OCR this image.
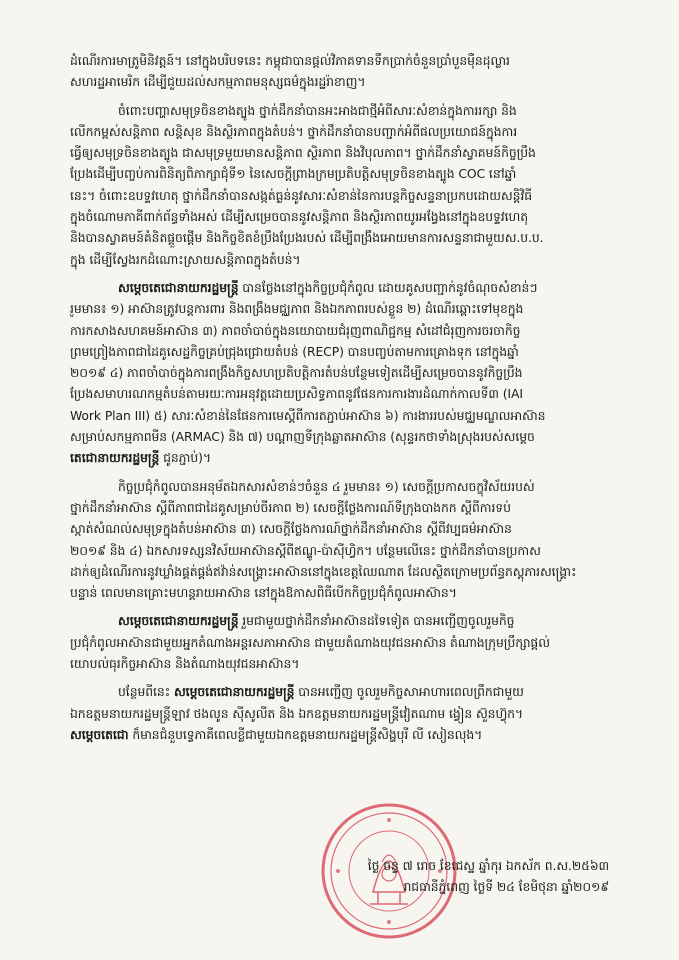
ដំណើរការមាត្រូមិនិវត្តន៍។ នៅក្នុងបរិបទនេះ កម្ពុជាបានផ្តល់វិភាគទានទឹកប្រាក់ចំនួនប្រាំបួនម៉ឺនដុល្លារ
សហរដ្ឋអាមេរិក ដើម្បីជួយដល់សកម្មភាពមនុស្សធម៌ក្នុងរដ្ឋរ៉ាខាញ។
ចំពោះបញ្ហាសមុទ្រចិនខាងត្បូង ថ្នាក់ដឹកនាំបានអះអាងជាថ្មីអំពីសារៈសំខាន់ក្នុងការរក្សា និង
លើកកម្ពស់សន្តិភាព សន្តិសុខ និងស្ថិរភាពក្នុងតំបន់។ ថ្នាក់ដឹកនាំបានបញ្ជាក់អំពីផលប្រយោជន៍ក្នុងការ
ធ្វើឲ្យសមុទ្រចិនខាងត្បូង ជាសមុទ្រមួយមានសន្តិភាព ស្ថិរភាព និងវិបុលភាព។ ថ្នាក់ដឹកនាំស្វាគមន៍កិច្ចប្រឹង
ប្រែងដើម្បីបញ្ចប់ការពិនិត្យពិភាក្សាជុំទី១ នៃសេចក្តីព្រាងក្រមប្រតិបត្តិសមុទ្រចិនខាងត្បូង COC នៅឆ្នាំ
នេះ។ ចំពោះឧបទ្ទវហេតុ ថ្នាក់ដឹកនាំបានសង្កត់ធ្ងន់នូវសារៈសំខាន់នៃការបន្តកិច្ចសន្ទនាប្រកបដោយសន្តិវិធី
ក្នុងចំណោមភាគីពាក់ព័ន្ធទាំងអស់ ដើម្បីសម្រេចបាននូវសន្តិភាព និងស្ថិរភាពយូរអង្វែងនៅក្នុងឧបទ្ទវហេតុ
និងបានស្វាគមន៍គំនិតផ្តួចផ្តើម និងកិច្ចខិតខំប្រឹងប្រែងរបស់ ដើម្បីពង្រឹងអោយមានការសន្ទនាជាមួយស.ប.ប.
ក្នុង ដើម្បីស្វែងរកដំណោះស្រាយសន្តិភាពក្នុងតំបន់។
សម្តេចតេជោនាយករដ្ឋមន្ត្រី បានថ្លែងនៅក្នុងកិច្ចប្រជុំកំពូល ដោយគូសបញ្ជាក់នូវចំណុចសំខាន់ៗ
រួមមាន៖ ១) អាស៊ានត្រូវបន្តការពារ និងពង្រឹងមជ្ឈភាព និងឯកភាពរបស់ខ្លួន ២) ដំណើរឆ្ពោះទៅមុខក្នុង
ការកសាងសហគមន៍អាស៊ាន ៣) ភាពចាំបាច់ក្នុងនយោបាយជំរុញពាណិជ្ជកម្ម សំដៅជំរុញការចរចាកិច្ច
ព្រមព្រៀងភាពជាដៃគូសេដ្ឋកិច្ចគ្រប់ជ្រុងជ្រោយតំបន់ (RECP) បានបញ្ចប់តាមការគ្រោងទុក នៅក្នុងឆ្នាំ
២០១៩ ៤) ភាពចាំបាច់ក្នុងការពង្រឹងកិច្ចសហប្រតិបត្តិការតំបន់បន្ថែមទៀតដើម្បីសម្រេចបាននូវកិច្ចប្រឹង
ប្រែងសមាហរណកម្មតំបន់តាមរយៈការអនុវត្តដោយប្រសិទ្ធភាពនូវផែនការការងារដំណាក់កាលទី៣ (IAI
Work Plan III) ៥) សារៈសំខាន់នៃផែនការមេស្តីពីការតភ្ជាប់អាស៊ាន ៦) ការងាររបស់មជ្ឈមណ្ឌលអាស៊ាន
សម្រាប់សកម្មភាពមីន (ARMAC) និង ៧) បណ្តាញទីក្រុងឆ្លាតអាស៊ាន (សុន្ទរកថាទាំងស្រុងរបស់សម្តេច
តេជោនាយករដ្ឋមន្ត្រី ជូនភ្ជាប់)។
កិច្ចប្រជុំកំពូលបានអនុម័តឯកសារសំខាន់ៗចំនួន ៤ រួមមាន៖ ១) សេចក្តីប្រកាសចក្ខុវិស័យរបស់
ថ្នាក់ដឹកនាំអាស៊ាន ស្តីពីភាពជាដៃគូសម្រាប់ចីរភាព ២) សេចក្តីថ្លែងការណ៍ទីក្រុងបាងកក ស្តីពីការទប់
ស្កាត់សំណល់សមុទ្រក្នុងតំបន់អាស៊ាន ៣) សេចក្តីថ្លែងការណ៍ថ្នាក់ដឹកនាំអាស៊ាន ស្តីពីវប្បធម៌អាស៊ាន
២០១៩ និង ៤) ឯកសារទស្សនវិស័យអាស៊ានស្តីពីឥណ្ឌូ-ប៉ាស៊ីហ្វិក។ បន្ថែមលើនេះ ថ្នាក់ដឹកនាំបានប្រកាស
ដាក់ឲ្យដំណើរការនូវឃ្លាំងផ្គត់ផ្គង់ឥវ៉ាន់សង្គ្រោះអាស៊ាននៅក្នុងខេត្តឈៃណាត ដែលស្ថិតក្រោមប្រព័ន្ធភស្តុភារសង្គ្រោះ
បន្ទាន់ ពេលមានគ្រោះមហន្តរាយអាស៊ាន នៅក្នុងឱកាសពិធីបើកកិច្ចប្រជុំកំពូលអាស៊ាន។
សម្តេចតេជោនាយករដ្ឋមន្ត្រី រួមជាមួយថ្នាក់ដឹកនាំអាស៊ានដទៃទៀត បានអញ្ជើញចូលរួមកិច្ច
ប្រជុំកំពូលអាស៊ានជាមួយអ្នកតំណាងអន្តរសភាអាស៊ាន ជាមួយតំណាងយុវជនអាស៊ាន តំណាងក្រុមប្រឹក្សាផ្តល់
យោបល់ធុរកិច្ចអាស៊ាន និងតំណាងយុវជនអាស៊ាន។
បន្ថែមពីនេះ សម្តេចតេជោនាយករដ្ឋមន្ត្រី បានអញ្ជើញ ចូលរួមកិច្ចសាអាហារពេលព្រឹកជាមួយ
ឯកឧត្តមនាយករដ្ឋមន្ត្រីឡាវ ថងលូន ស៊ីសូលីត និង ឯកឧត្តមនាយករដ្ឋមន្ត្រីវៀតណាម ង្វៀន ស៊ួនហ៊្វុក។
សម្តេចតេជោ ក៏មានជំនួបទ្វេភាគីពេលខ្លីជាមួយឯកឧត្តមនាយករដ្ឋមន្ត្រីសិង្ហបុរី លី សៀនលុង។
ថ្ងៃ ចន្ទ ៧ រោច ខែជេស្ឋ ឆ្នាំកុរ ឯកស័ក ព.ស.២៥៦៣
រាជធានីភ្នំពេញ ថ្ងៃទី ២៤ ខែមិថុនា ឆ្នាំ២០១៩
